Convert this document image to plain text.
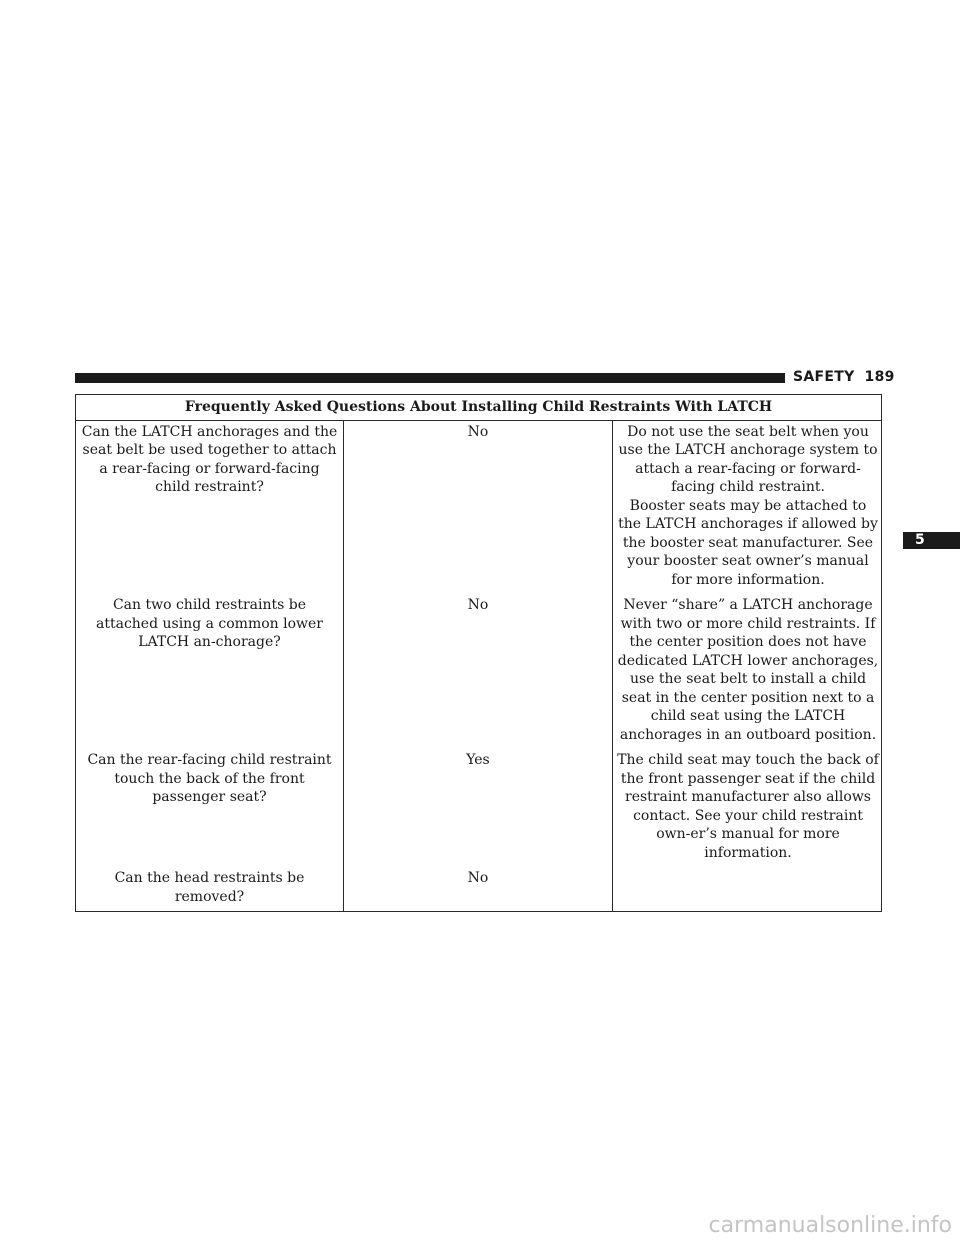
SAFETY 189
5
Frequently Asked Questions About Installing Child Restraints With LATCH		
Can the LATCH anchorages and the seat belt be used together to attach a rear-facing or forward-facing child restraint?	No	Do not use the seat belt when you use the LATCH anchorage system to attach a rear-facing or forward-facing child restraint.
Booster seats may be attached to the LATCH anchorages if allowed by the booster seat manufacturer. See your booster seat owner’s manual for more information.

Can two child restraints be attached using a common lower LATCH an-chorage?	No	Never “share” a LATCH anchorage with two or more child restraints. If the center position does not have dedicated LATCH lower anchorages, use the seat belt to install a child seat in the center position next to a child seat using the LATCH anchorages in an outboard position.

Can the rear-facing child restraint touch the back of the front passenger seat?	Yes	The child seat may touch the back of the front passenger seat if the child restraint manufacturer also allows contact. See your child restraint own-er’s manual for more information.

Can the head restraints be removed?	No	
carmanualsonline.info
